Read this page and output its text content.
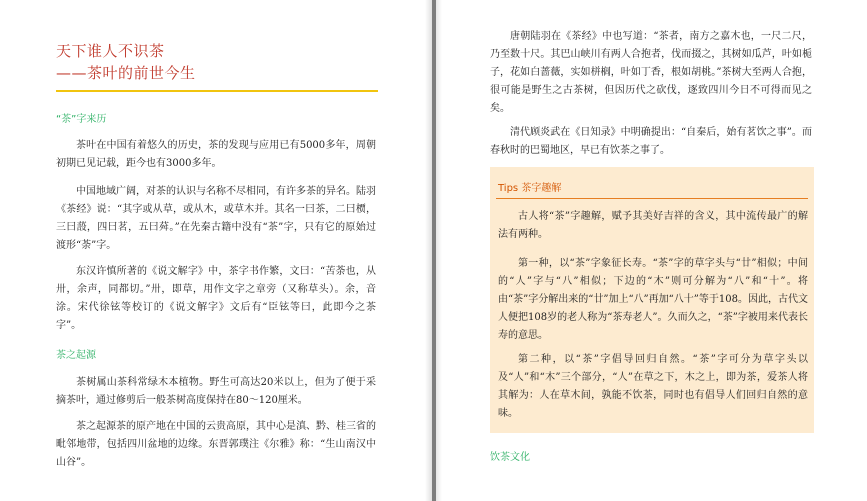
天下谁人不识茶
——茶叶的前世今生
“茶”字来历
茶叶在中国有着悠久的历史，茶的发现与应用已有5000多年，周朝初期已见记载，距今也有3000多年。
中国地域广阔，对茶的认识与名称不尽相同，有许多茶的异名。陆羽《茶经》说：“其字或从草，或从木，或草木并。其名一曰茶，二曰槚，三曰蔎，四曰茗，五曰荈。”在先秦古籍中没有“茶”字，只有它的原始过渡形“荼”字。
东汉许慎所著的《说文解字》中，茶字书作繁，文曰：“苦荼也，从卅，余声，同都切。”卅，即草，用作文字之章旁（又称草头）。余，音涂。宋代徐铉等校订的《说文解字》文后有“臣铉等曰，此即今之茶字”。
茶之起源
茶树属山茶科常绿木本植物。野生可高达20米以上，但为了便于采摘茶叶，通过修剪后一般茶树高度保持在80～120厘米。
茶之起源茶的原产地在中国的云贵高原，其中心是滇、黔、桂三省的毗邻地带，包括四川盆地的边缘。东晋郭璞注《尔雅》称：“生山南汉中山谷”。
唐朝陆羽在《茶经》中也写道：“茶者，南方之嘉木也，一尺二尺，乃至数十尺。其巴山峡川有两人合抱者，伐而掇之，其树如瓜芦，叶如栀子，花如白蔷薇，实如栟榈，叶如丁香，根如胡桃。”茶树大至两人合抱，很可能是野生之古茶树，但因历代之砍伐，逐致四川今日不可得而见之矣。
清代顾炎武在《日知录》中明确提出：“自秦后，始有茗饮之事”。而春秋时的巴蜀地区，早已有饮茶之事了。
饮茶文化
Tips 茶字趣解
古人将“茶”字趣解，赋予其美好吉祥的含义，其中流传最广的解法有两种。
第一种，以“茶”字象征长寿。“茶”字的草字头与“廿”相似；中间的“人”字与“八”相似；下边的“木”则可分解为“八”和“十”。将由“茶”字分解出来的“廿”加上“八”再加“八十”等于108。因此，古代文人便把108岁的老人称为“茶寿老人”。久而久之，“茶”字被用来代表长寿的意思。
第二种，以“茶”字倡导回归自然。“茶”字可分为草字头以及“人”和“木”三个部分，“人”在草之下，木之上，即为茶，爱茶人将其解为：人在草木间，孰能不饮茶，同时也有倡导人们回归自然的意味。
